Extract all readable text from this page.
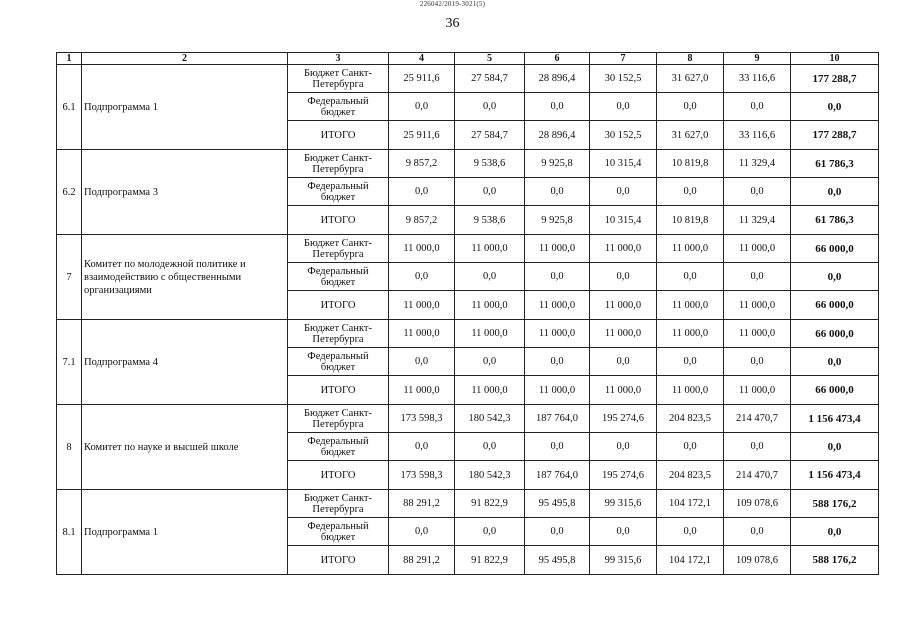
226042/2019-3021(5)
36
1	2	3	4	5	6	7	8	9	10
6.1	Подпрограмма 1	Бюджет Санкт-Петербурга	25 911,6	27 584,7	28 896,4	30 152,5	31 627,0	33 116,6	177 288,7
		Федеральный бюджет	0,0	0,0	0,0	0,0	0,0	0,0	0,0
		ИТОГО	25 911,6	27 584,7	28 896,4	30 152,5	31 627,0	33 116,6	177 288,7
6.2	Подпрограмма 3	Бюджет Санкт-Петербурга	9 857,2	9 538,6	9 925,8	10 315,4	10 819,8	11 329,4	61 786,3
		Федеральный бюджет	0,0	0,0	0,0	0,0	0,0	0,0	0,0
		ИТОГО	9 857,2	9 538,6	9 925,8	10 315,4	10 819,8	11 329,4	61 786,3
7	Комитет по молодежной политике и взаимодействию с общественными организациями	Бюджет Санкт-Петербурга	11 000,0	11 000,0	11 000,0	11 000,0	11 000,0	11 000,0	66 000,0
		Федеральный бюджет	0,0	0,0	0,0	0,0	0,0	0,0	0,0
		ИТОГО	11 000,0	11 000,0	11 000,0	11 000,0	11 000,0	11 000,0	66 000,0
7.1	Подпрограмма 4	Бюджет Санкт-Петербурга	11 000,0	11 000,0	11 000,0	11 000,0	11 000,0	11 000,0	66 000,0
		Федеральный бюджет	0,0	0,0	0,0	0,0	0,0	0,0	0,0
		ИТОГО	11 000,0	11 000,0	11 000,0	11 000,0	11 000,0	11 000,0	66 000,0
8	Комитет по науке и высшей школе	Бюджет Санкт-Петербурга	173 598,3	180 542,3	187 764,0	195 274,6	204 823,5	214 470,7	1 156 473,4
		Федеральный бюджет	0,0	0,0	0,0	0,0	0,0	0,0	0,0
		ИТОГО	173 598,3	180 542,3	187 764,0	195 274,6	204 823,5	214 470,7	1 156 473,4
8.1	Подпрограмма 1	Бюджет Санкт-Петербурга	88 291,2	91 822,9	95 495,8	99 315,6	104 172,1	109 078,6	588 176,2
		Федеральный бюджет	0,0	0,0	0,0	0,0	0,0	0,0	0,0
		ИТОГО	88 291,2	91 822,9	95 495,8	99 315,6	104 172,1	109 078,6	588 176,2
